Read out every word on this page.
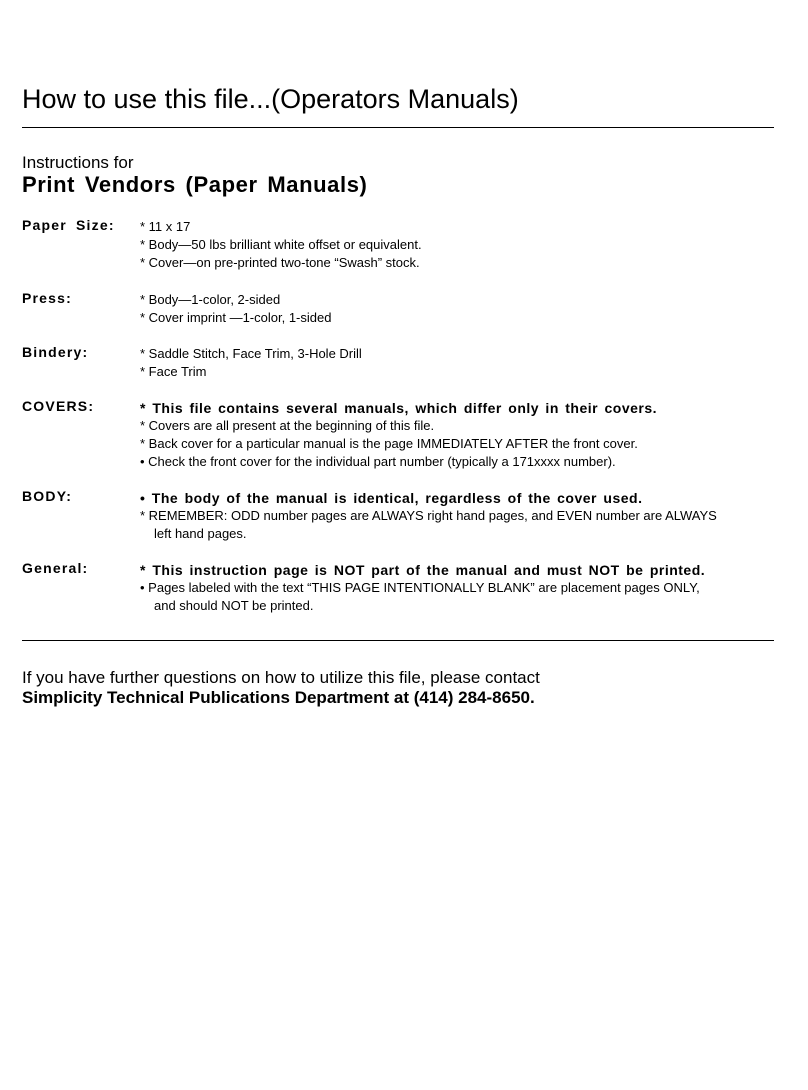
How to use this file...(Operators Manuals)
Instructions for
Print Vendors (Paper Manuals)
Paper Size: * 11 x 17
* Body—50 lbs brilliant white offset or equivalent.
* Cover—on pre-printed two-tone “Swash” stock.
Press:	* Body—1-color, 2-sided
* Cover imprint —1-color, 1-sided
Bindery:	* Saddle Stitch, Face Trim, 3-Hole Drill
* Face Trim
COVERS:	* This file contains several manuals, which differ only in their covers.
* Covers are all present at the beginning of this file.
* Back cover for a particular manual is the page IMMEDIATELY AFTER the front cover.
• Check the front cover for the individual part number (typically a 171xxxx number).
BODY:	• The body of the manual is identical, regardless of the cover used.
* REMEMBER: ODD number pages are ALWAYS right hand pages, and EVEN number are ALWAYS
left hand pages.
General:	* This instruction page is NOT part of the manual and must NOT be printed.
• Pages labeled with the text “THIS PAGE INTENTIONALLY BLANK” are placement pages ONLY,
and should NOT be printed.
If you have further questions on how to utilize this file, please contact
Simplicity Technical Publications Department at (414) 284-8650.
